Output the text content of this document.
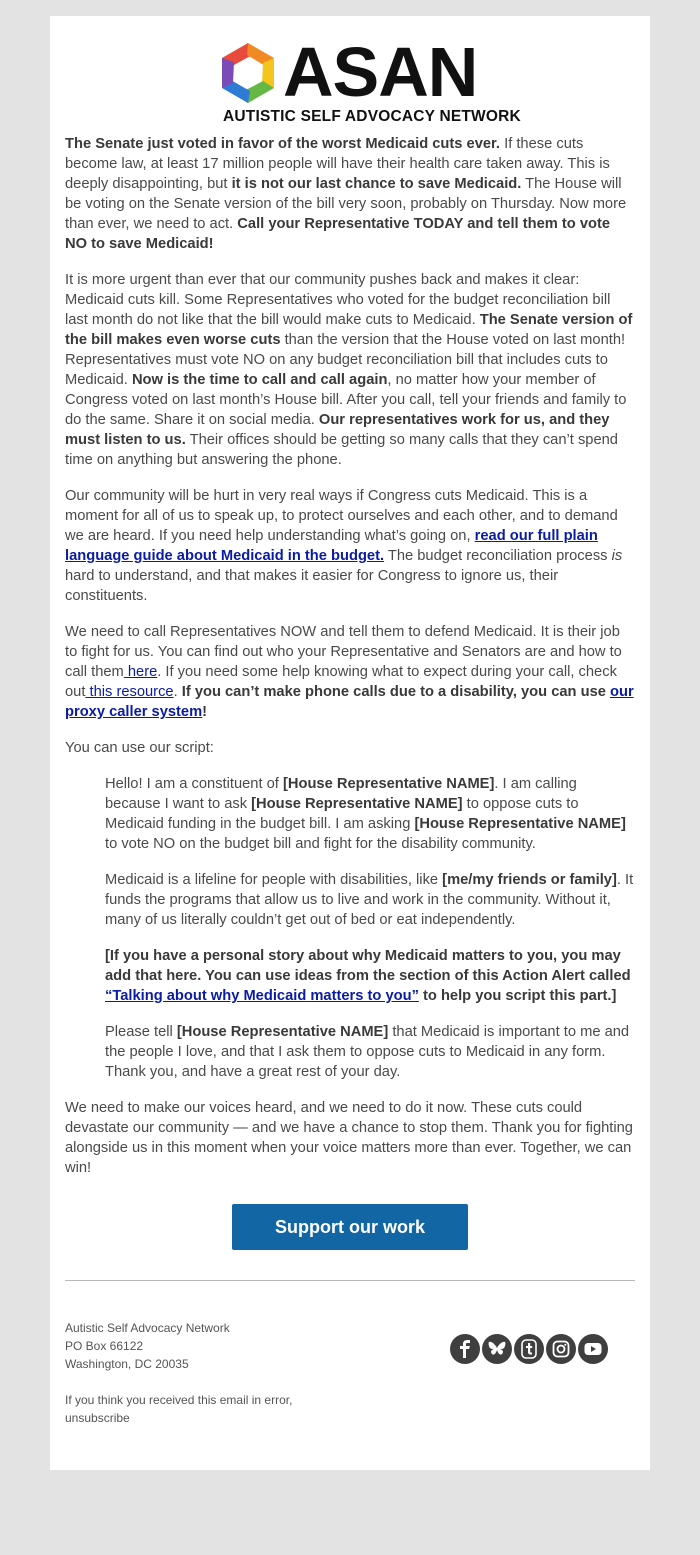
ASAN
AUTISTIC SELF ADVOCACY NETWORK

The Senate just voted in favor of the worst Medicaid cuts ever. If these cuts become law, at least 17 million people will have their health care taken away. This is deeply disappointing, but it is not our last chance to save Medicaid. The House will be voting on the Senate version of the bill very soon, probably on Thursday. Now more than ever, we need to act. Call your Representative TODAY and tell them to vote NO to save Medicaid!

It is more urgent than ever that our community pushes back and makes it clear: Medicaid cuts kill. Some Representatives who voted for the budget reconciliation bill last month do not like that the bill would make cuts to Medicaid. The Senate version of the bill makes even worse cuts than the version that the House voted on last month! Representatives must vote NO on any budget reconciliation bill that includes cuts to Medicaid. Now is the time to call and call again, no matter how your member of Congress voted on last month’s House bill. After you call, tell your friends and family to do the same. Share it on social media. Our representatives work for us, and they must listen to us. Their offices should be getting so many calls that they can’t spend time on anything but answering the phone.

Our community will be hurt in very real ways if Congress cuts Medicaid. This is a moment for all of us to speak up, to protect ourselves and each other, and to demand we are heard. If you need help understanding what’s going on, read our full plain language guide about Medicaid in the budget. The budget reconciliation process is hard to understand, and that makes it easier for Congress to ignore us, their constituents.

We need to call Representatives NOW and tell them to defend Medicaid. It is their job to fight for us. You can find out who your Representative and Senators are and how to call them here. If you need some help knowing what to expect during your call, check out this resource. If you can’t make phone calls due to a disability, you can use our proxy caller system!

You can use our script:

Hello! I am a constituent of [House Representative NAME]. I am calling because I want to ask [House Representative NAME] to oppose cuts to Medicaid funding in the budget bill. I am asking [House Representative NAME] to vote NO on the budget bill and fight for the disability community.

Medicaid is a lifeline for people with disabilities, like [me/my friends or family]. It funds the programs that allow us to live and work in the community. Without it, many of us literally couldn’t get out of bed or eat independently.

[If you have a personal story about why Medicaid matters to you, you may add that here. You can use ideas from the section of this Action Alert called “Talking about why Medicaid matters to you” to help you script this part.]

Please tell [House Representative NAME] that Medicaid is important to me and the people I love, and that I ask them to oppose cuts to Medicaid in any form. Thank you, and have a great rest of your day.

We need to make our voices heard, and we need to do it now. These cuts could devastate our community — and we have a chance to stop them. Thank you for fighting alongside us in this moment when your voice matters more than ever. Together, we can win!

Support our work
Autistic Self Advocacy Network
PO Box 66122
Washington, DC 20035
If you think you received this email in error,
unsubscribe
